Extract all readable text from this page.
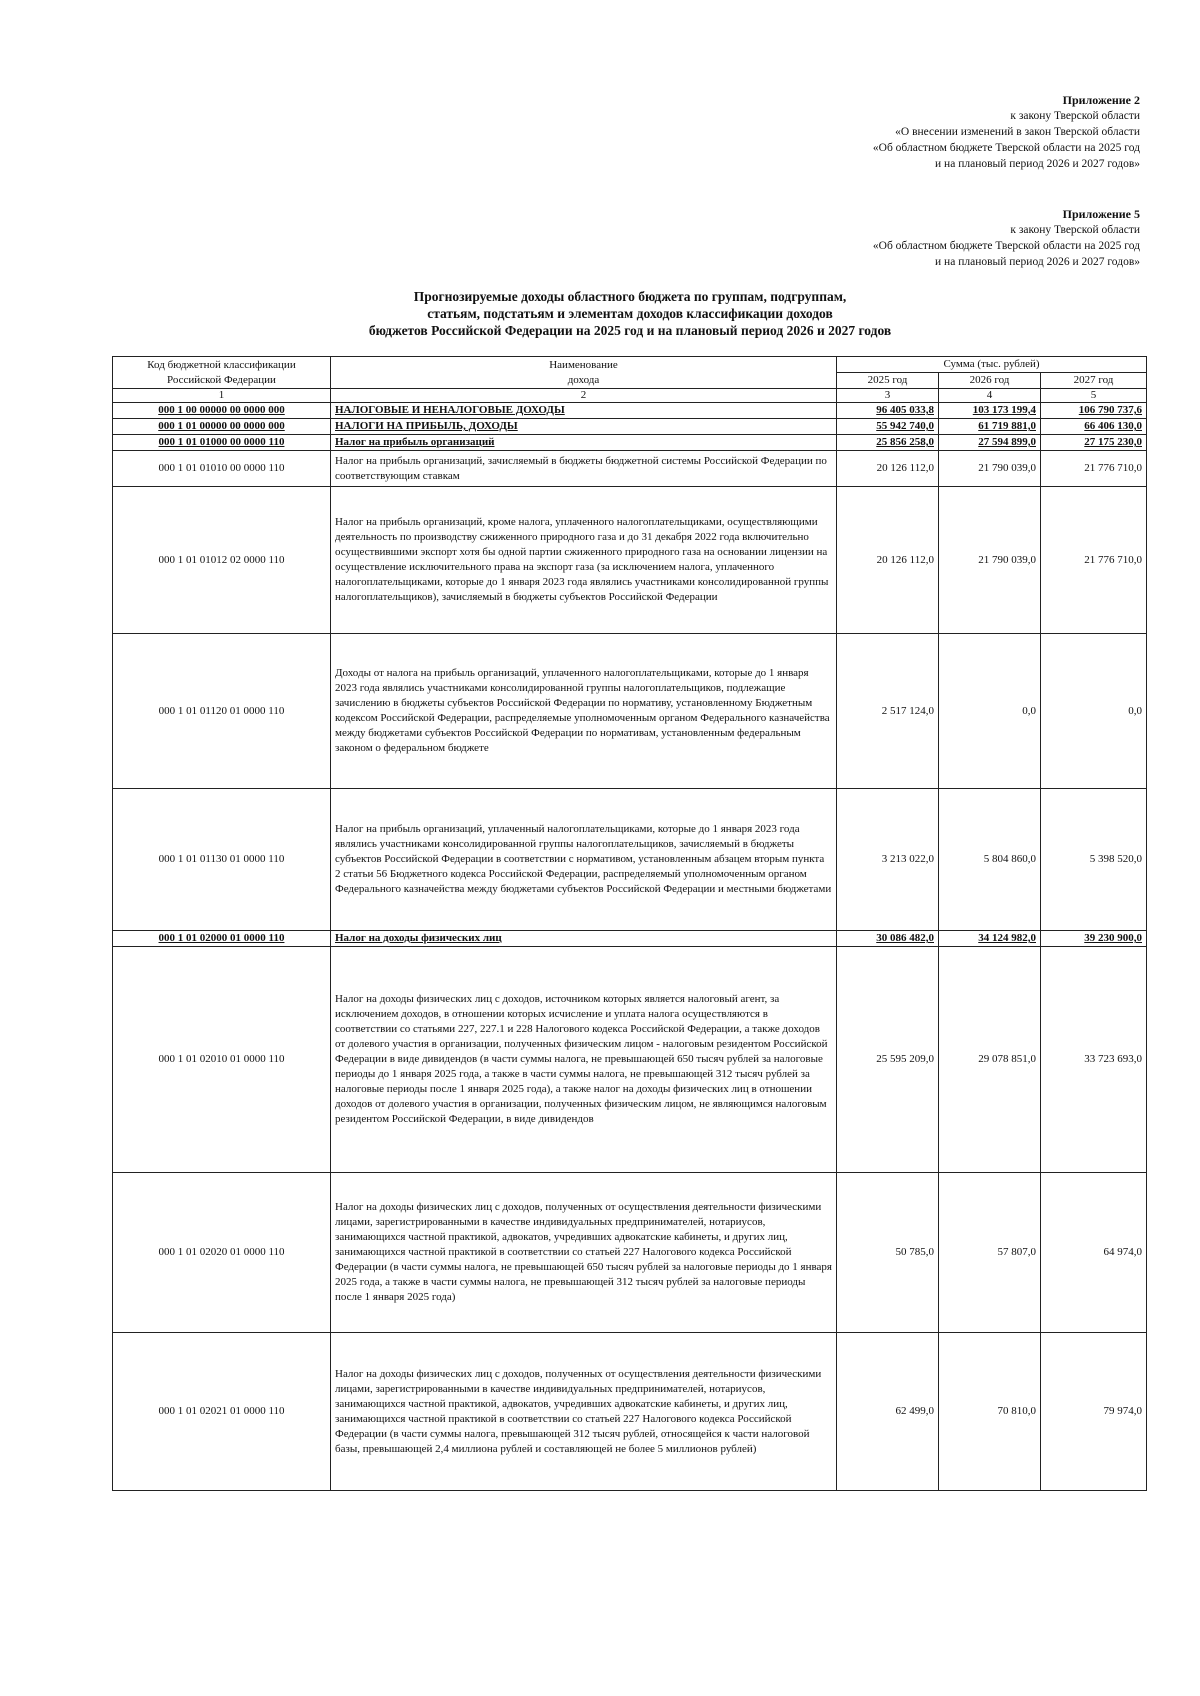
Приложение 2
к закону Тверской области
«О внесении изменений в закон Тверской области
«Об областном бюджете Тверской области на 2025 год
и на плановый период 2026 и 2027 годов»
Приложение 5
к закону Тверской области
«Об областном бюджете Тверской области на 2025 год
и на плановый период 2026 и 2027 годов»
Прогнозируемые доходы областного бюджета по группам, подгруппам,
статьям, подстатьям и элементам доходов классификации доходов
бюджетов Российской Федерации на 2025 год и на плановый период 2026 и 2027 годов
Код бюджетной классификации
Российской Федерации	Наименование
дохода	Сумма (тыс. рублей)		
		2025 год	2026 год	2027 год
1	2	3	4	5
000 1 00 00000 00 0000 000	НАЛОГОВЫЕ И НЕНАЛОГОВЫЕ ДОХОДЫ	96 405 033,8	103 173 199,4	106 790 737,6
000 1 01 00000 00 0000 000	НАЛОГИ НА ПРИБЫЛЬ, ДОХОДЫ	55 942 740,0	61 719 881,0	66 406 130,0
000 1 01 01000 00 0000 110	Налог на прибыль организаций	25 856 258,0	27 594 899,0	27 175 230,0
000 1 01 01010 00 0000 110	Налог на прибыль организаций, зачисляемый в бюджеты бюджетной системы Российской Федерации по соответствующим ставкам	20 126 112,0	21 790 039,0	21 776 710,0
000 1 01 01012 02 0000 110	Налог на прибыль организаций, кроме налога, уплаченного налогоплательщиками, осуществляющими деятельность по производству сжиженного природного газа и до 31 декабря 2022 года включительно осуществившими экспорт хотя бы одной партии сжиженного природного газа на основании лицензии на осуществление исключительного права на экспорт газа (за исключением налога, уплаченного налогоплательщиками, которые до 1 января 2023 года являлись участниками консолидированной группы налогоплательщиков), зачисляемый в бюджеты субъектов Российской Федерации	20 126 112,0	21 790 039,0	21 776 710,0
000 1 01 01120 01 0000 110	Доходы от налога на прибыль организаций, уплаченного налогоплательщиками, которые до 1 января 2023 года являлись участниками консолидированной группы налогоплательщиков, подлежащие зачислению в бюджеты субъектов Российской Федерации по нормативу, установленному Бюджетным кодексом Российской Федерации, распределяемые уполномоченным органом Федерального казначейства между бюджетами субъектов Российской Федерации по нормативам, установленным федеральным законом о федеральном бюджете	2 517 124,0	0,0	0,0
000 1 01 01130 01 0000 110	Налог на прибыль организаций, уплаченный налогоплательщиками, которые до 1 января 2023 года являлись участниками консолидированной группы налогоплательщиков, зачисляемый в бюджеты субъектов Российской Федерации в соответствии с нормативом, установленным абзацем вторым пункта 2 статьи 56 Бюджетного кодекса Российской Федерации, распределяемый уполномоченным органом Федерального казначейства между бюджетами субъектов Российской Федерации и местными бюджетами	3 213 022,0	5 804 860,0	5 398 520,0
000 1 01 02000 01 0000 110	Налог на доходы физических лиц	30 086 482,0	34 124 982,0	39 230 900,0
000 1 01 02010 01 0000 110	Налог на доходы физических лиц с доходов, источником которых является налоговый агент, за исключением доходов, в отношении которых исчисление и уплата налога осуществляются в соответствии со статьями 227, 227.1 и 228 Налогового кодекса Российской Федерации, а также доходов от долевого участия в организации, полученных физическим лицом - налоговым резидентом Российской Федерации в виде дивидендов (в части суммы налога, не превышающей 650 тысяч рублей за налоговые периоды до 1 января 2025 года, а также в части суммы налога, не превышающей 312 тысяч рублей за налоговые периоды после 1 января 2025 года), а также налог на доходы физических лиц в отношении доходов от долевого участия в организации, полученных физическим лицом, не являющимся налоговым резидентом Российской Федерации, в виде дивидендов	25 595 209,0	29 078 851,0	33 723 693,0
000 1 01 02020 01 0000 110	Налог на доходы физических лиц с доходов, полученных от осуществления деятельности физическими лицами, зарегистрированными в качестве индивидуальных предпринимателей, нотариусов, занимающихся частной практикой, адвокатов, учредивших адвокатские кабинеты, и других лиц, занимающихся частной практикой в соответствии со статьей 227 Налогового кодекса Российской Федерации (в части суммы налога, не превышающей 650 тысяч рублей за налоговые периоды до 1 января 2025 года, а также в части суммы налога, не превышающей 312 тысяч рублей за налоговые периоды после 1 января 2025 года)	50 785,0	57 807,0	64 974,0
000 1 01 02021 01 0000 110	Налог на доходы физических лиц с доходов, полученных от осуществления деятельности физическими лицами, зарегистрированными в качестве индивидуальных предпринимателей, нотариусов, занимающихся частной практикой, адвокатов, учредивших адвокатские кабинеты, и других лиц, занимающихся частной практикой в соответствии со статьей 227 Налогового кодекса Российской Федерации (в части суммы налога, превышающей 312 тысяч рублей, относящейся к части налоговой базы, превышающей 2,4 миллиона рублей и составляющей не более 5 миллионов рублей)	62 499,0	70 810,0	79 974,0
